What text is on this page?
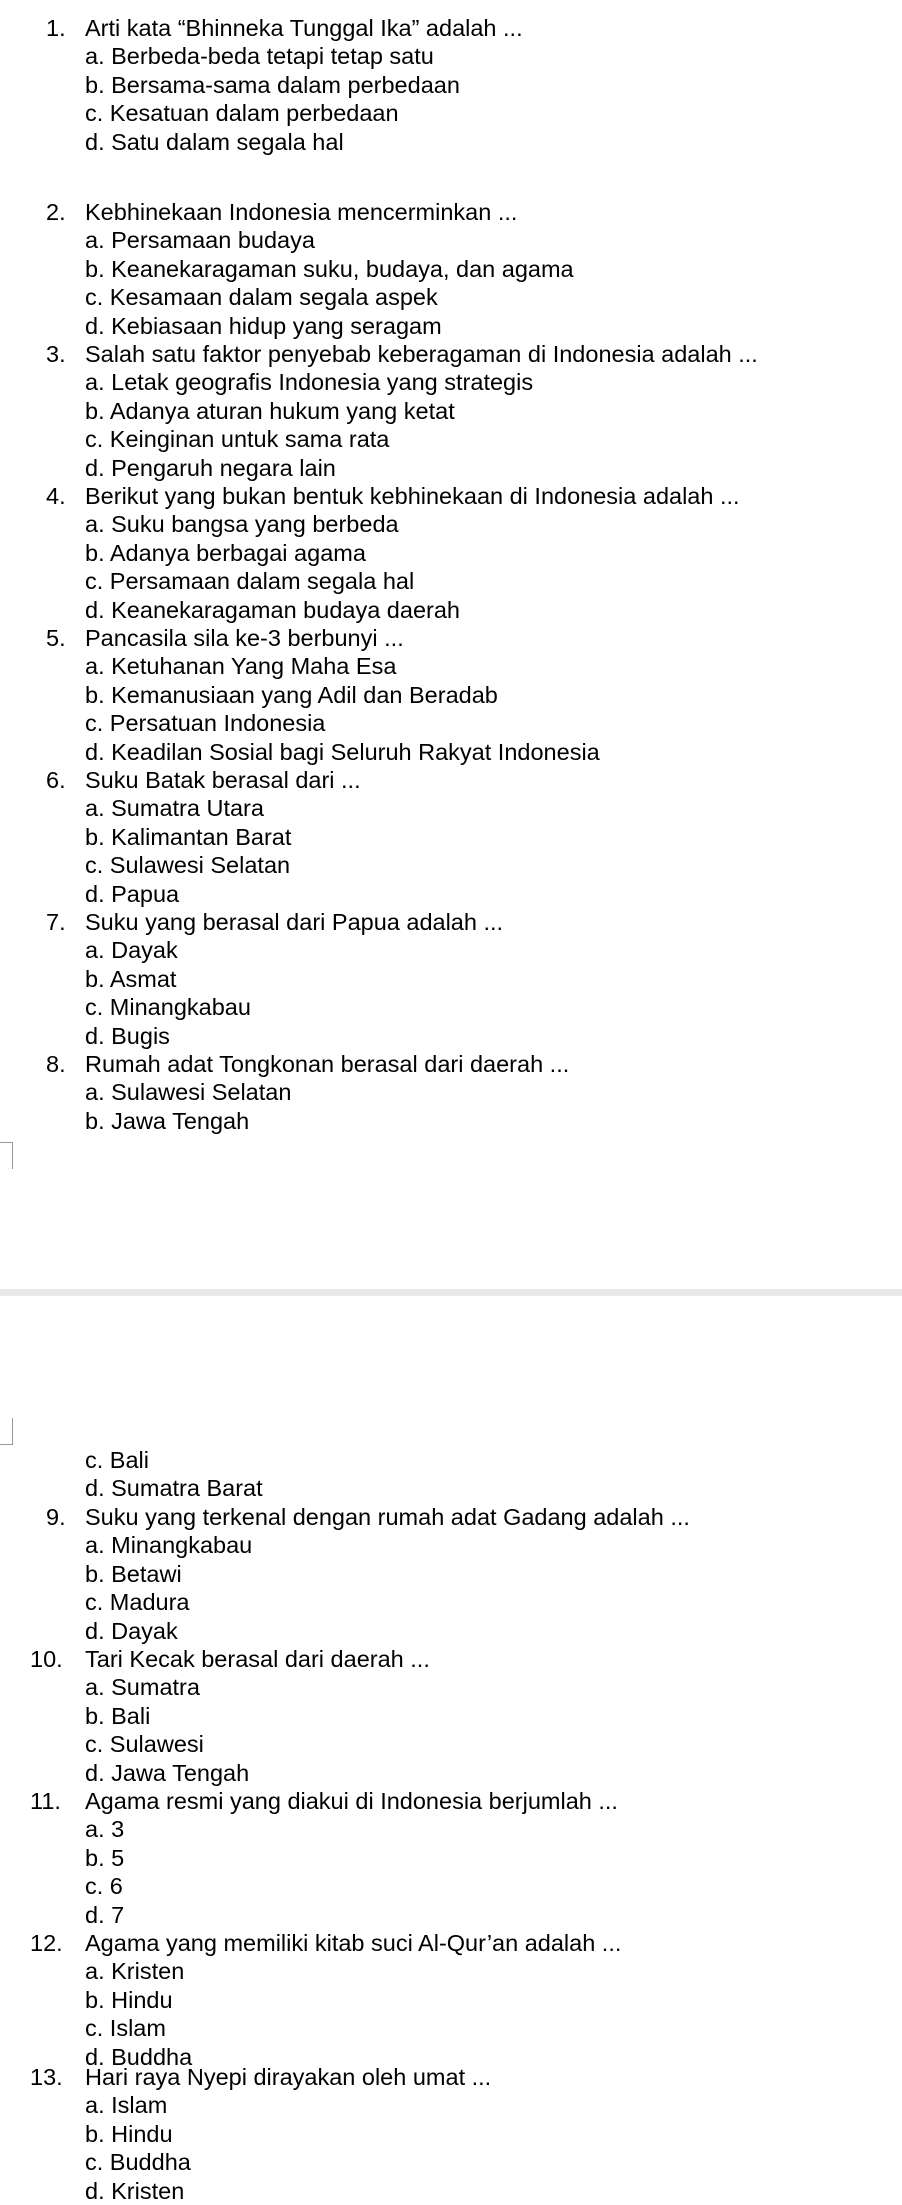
1. Arti kata “Bhinneka Tunggal Ika” adalah ...
a. Berbeda-beda tetapi tetap satu
b. Bersama-sama dalam perbedaan
c. Kesatuan dalam perbedaan
d. Satu dalam segala hal
2. Kebhinekaan Indonesia mencerminkan ...
a. Persamaan budaya
b. Keanekaragaman suku, budaya, dan agama
c. Kesamaan dalam segala aspek
d. Kebiasaan hidup yang seragam
3. Salah satu faktor penyebab keberagaman di Indonesia adalah ...
a. Letak geografis Indonesia yang strategis
b. Adanya aturan hukum yang ketat
c. Keinginan untuk sama rata
d. Pengaruh negara lain
4. Berikut yang bukan bentuk kebhinekaan di Indonesia adalah ...
a. Suku bangsa yang berbeda
b. Adanya berbagai agama
c. Persamaan dalam segala hal
d. Keanekaragaman budaya daerah
5. Pancasila sila ke-3 berbunyi ...
a. Ketuhanan Yang Maha Esa
b. Kemanusiaan yang Adil dan Beradab
c. Persatuan Indonesia
d. Keadilan Sosial bagi Seluruh Rakyat Indonesia
6. Suku Batak berasal dari ...
a. Sumatra Utara
b. Kalimantan Barat
c. Sulawesi Selatan
d. Papua
7. Suku yang berasal dari Papua adalah ...
a. Dayak
b. Asmat
c. Minangkabau
d. Bugis
8. Rumah adat Tongkonan berasal dari daerah ...
a. Sulawesi Selatan
b. Jawa Tengah
c. Bali
d. Sumatra Barat
9. Suku yang terkenal dengan rumah adat Gadang adalah ...
a. Minangkabau
b. Betawi
c. Madura
d. Dayak
10. Tari Kecak berasal dari daerah ...
a. Sumatra
b. Bali
c. Sulawesi
d. Jawa Tengah
11. Agama resmi yang diakui di Indonesia berjumlah ...
a. 3
b. 5
c. 6
d. 7
12. Agama yang memiliki kitab suci Al-Qur’an adalah ...
a. Kristen
b. Hindu
c. Islam
d. Buddha
13. Hari raya Nyepi dirayakan oleh umat ...
a. Islam
b. Hindu
c. Buddha
d. Kristen
